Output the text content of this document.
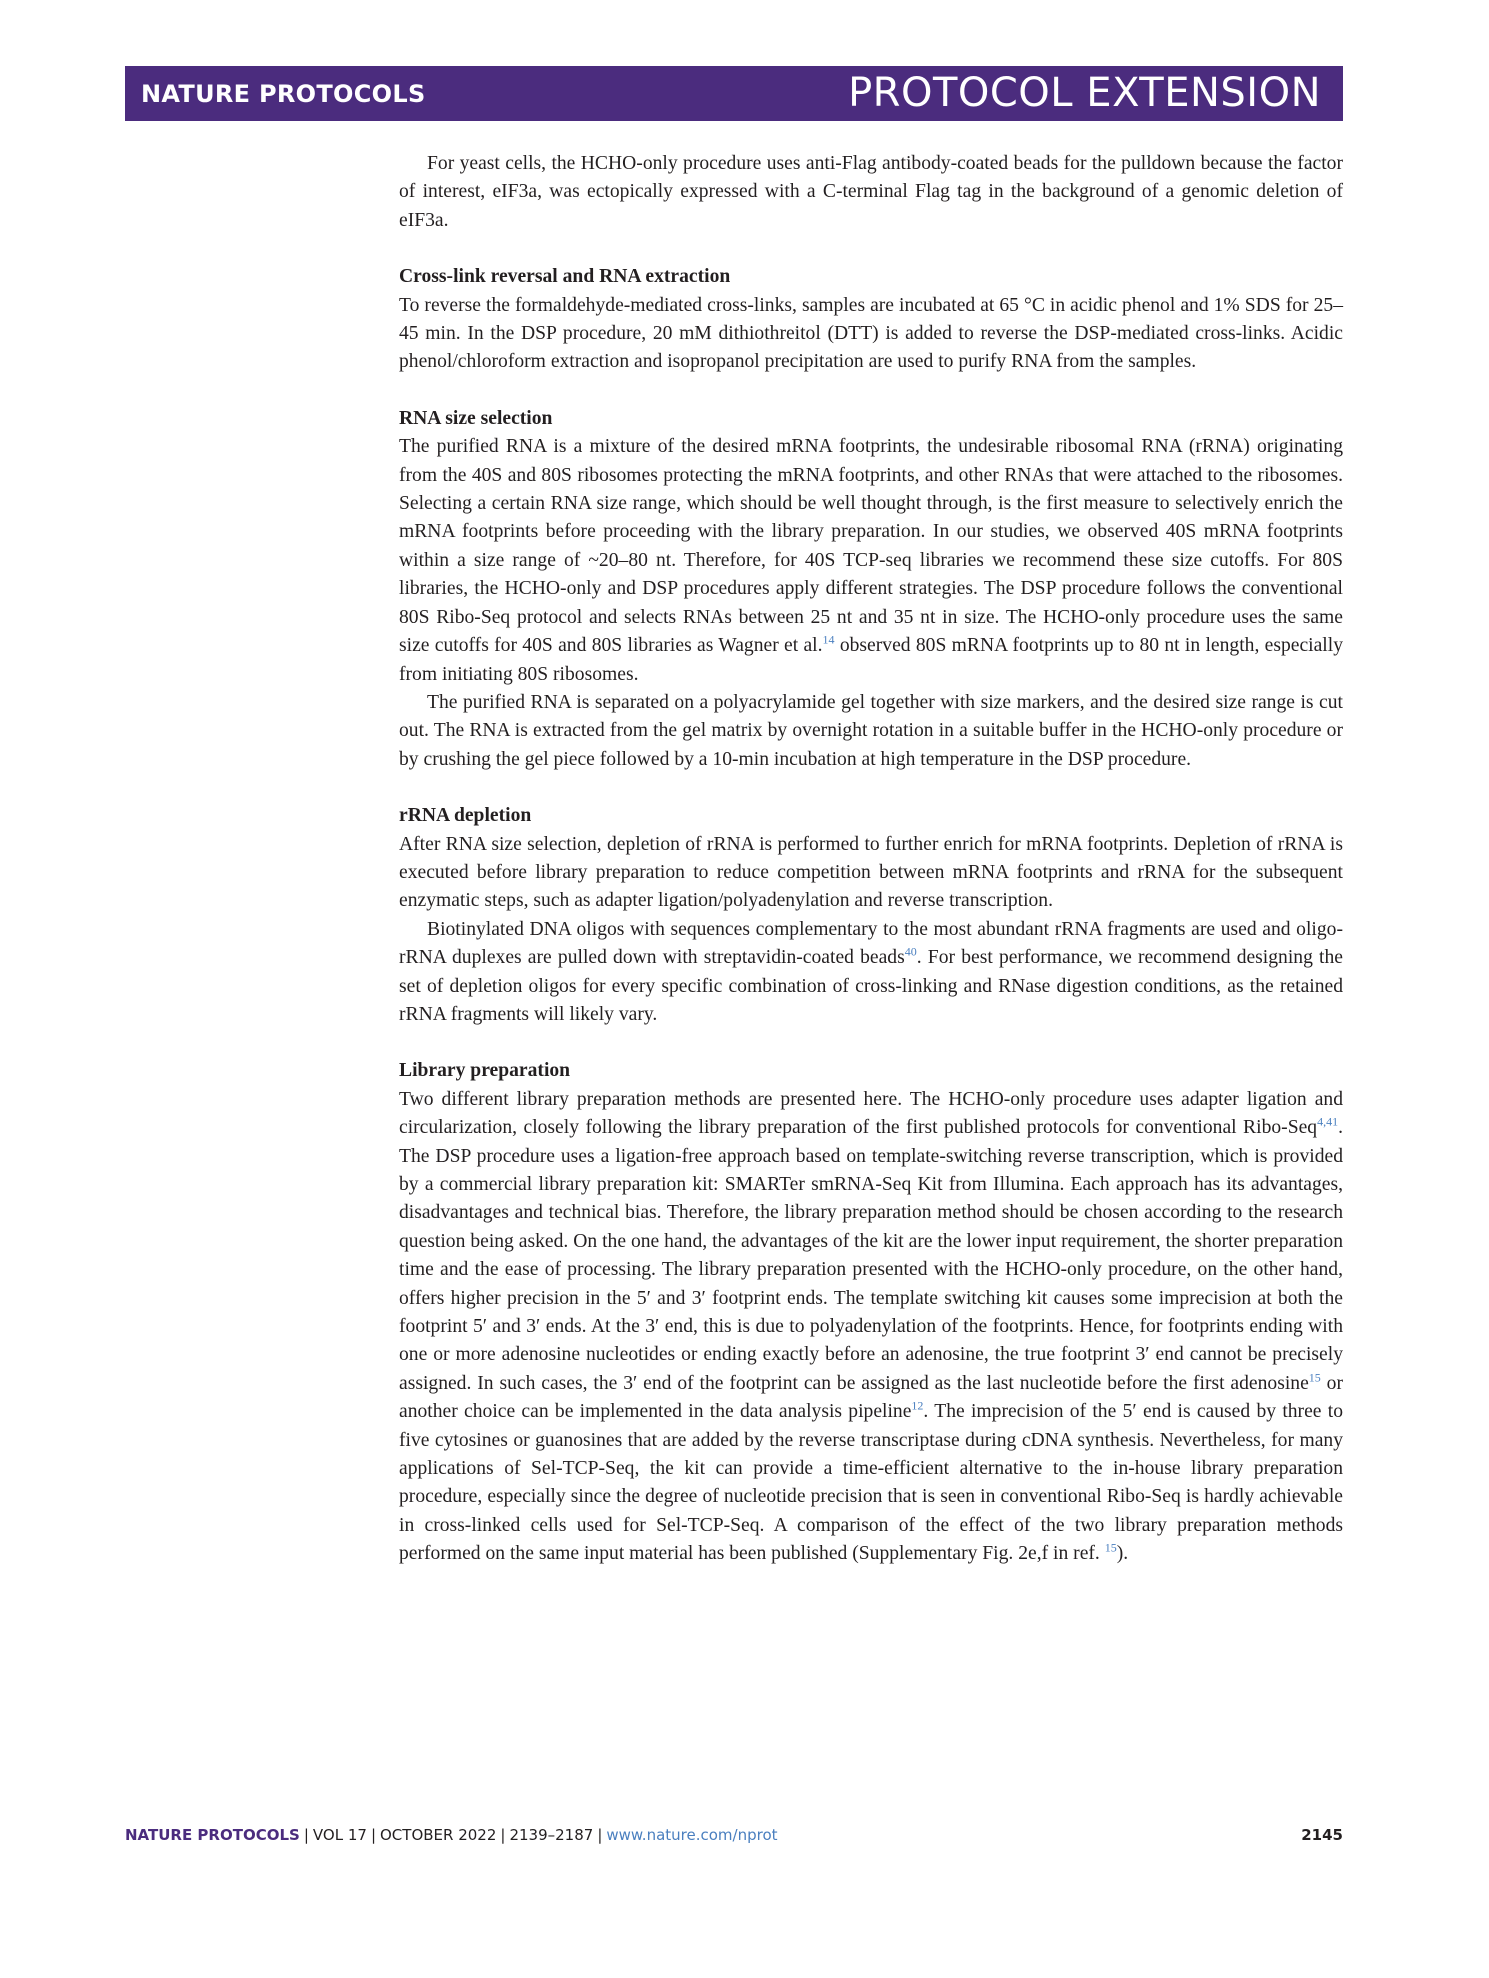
NATURE PROTOCOLS	PROTOCOL EXTENSION

For yeast cells, the HCHO-only procedure uses anti-Flag antibody-coated beads for the pulldown because the factor of interest, eIF3a, was ectopically expressed with a C-terminal Flag tag in the background of a genomic deletion of eIF3a.

Cross-link reversal and RNA extraction

To reverse the formaldehyde-mediated cross-links, samples are incubated at 65 °C in acidic phenol and 1% SDS for 25–45 min. In the DSP procedure, 20 mM dithiothreitol (DTT) is added to reverse the DSP-mediated cross-links. Acidic phenol/chloroform extraction and isopropanol precipitation are used to purify RNA from the samples.

RNA size selection

The purified RNA is a mixture of the desired mRNA footprints, the undesirable ribosomal RNA (rRNA) originating from the 40S and 80S ribosomes protecting the mRNA footprints, and other RNAs that were attached to the ribosomes. Selecting a certain RNA size range, which should be well thought through, is the first measure to selectively enrich the mRNA footprints before proceeding with the library preparation. In our studies, we observed 40S mRNA footprints within a size range of ~20–80 nt. Therefore, for 40S TCP-seq libraries we recommend these size cutoffs. For 80S libraries, the HCHO-only and DSP procedures apply different strategies. The DSP procedure follows the conventional 80S Ribo-Seq protocol and selects RNAs between 25 nt and 35 nt in size. The HCHO-only procedure uses the same size cutoffs for 40S and 80S libraries as Wagner et al.$^{14}$ observed 80S mRNA footprints up to 80 nt in length, especially from initiating 80S ribosomes.

The purified RNA is separated on a polyacrylamide gel together with size markers, and the desired size range is cut out. The RNA is extracted from the gel matrix by overnight rotation in a suitable buffer in the HCHO-only procedure or by crushing the gel piece followed by a 10-min incubation at high temperature in the DSP procedure.

rRNA depletion

After RNA size selection, depletion of rRNA is performed to further enrich for mRNA footprints. Depletion of rRNA is executed before library preparation to reduce competition between mRNA footprints and rRNA for the subsequent enzymatic steps, such as adapter ligation/polyadenylation and reverse transcription.

Biotinylated DNA oligos with sequences complementary to the most abundant rRNA fragments are used and oligo-rRNA duplexes are pulled down with streptavidin-coated beads$^{40}$. For best performance, we recommend designing the set of depletion oligos for every specific combination of cross-linking and RNase digestion conditions, as the retained rRNA fragments will likely vary.

Library preparation

Two different library preparation methods are presented here. The HCHO-only procedure uses adapter ligation and circularization, closely following the library preparation of the first published protocols for conventional Ribo-Seq$^{4,41}$. The DSP procedure uses a ligation-free approach based on template-switching reverse transcription, which is provided by a commercial library preparation kit: SMARTer smRNA-Seq Kit from Illumina. Each approach has its advantages, disadvantages and technical bias. Therefore, the library preparation method should be chosen according to the research question being asked. On the one hand, the advantages of the kit are the lower input requirement, the shorter preparation time and the ease of processing. The library preparation presented with the HCHO-only procedure, on the other hand, offers higher precision in the 5′ and 3′ footprint ends. The template switching kit causes some imprecision at both the footprint 5′ and 3′ ends. At the 3′ end, this is due to polyadenylation of the footprints. Hence, for footprints ending with one or more adenosine nucleotides or ending exactly before an adenosine, the true footprint 3′ end cannot be precisely assigned. In such cases, the 3′ end of the footprint can be assigned as the last nucleotide before the first adenosine$^{15}$ or another choice can be implemented in the data analysis pipeline$^{12}$. The imprecision of the 5′ end is caused by three to five cytosines or guanosines that are added by the reverse transcriptase during cDNA synthesis. Nevertheless, for many applications of Sel-TCP-Seq, the kit can provide a time-efficient alternative to the in-house library preparation procedure, especially since the degree of nucleotide precision that is seen in conventional Ribo-Seq is hardly achievable in cross-linked cells used for Sel-TCP-Seq. A comparison of the effect of the two library preparation methods performed on the same input material has been published (Supplementary Fig. 2e,f in ref. $^{15}$).

NATURE PROTOCOLS | VOL 17 | OCTOBER 2022 | 2139–2187 | www.nature.com/nprot	2145
